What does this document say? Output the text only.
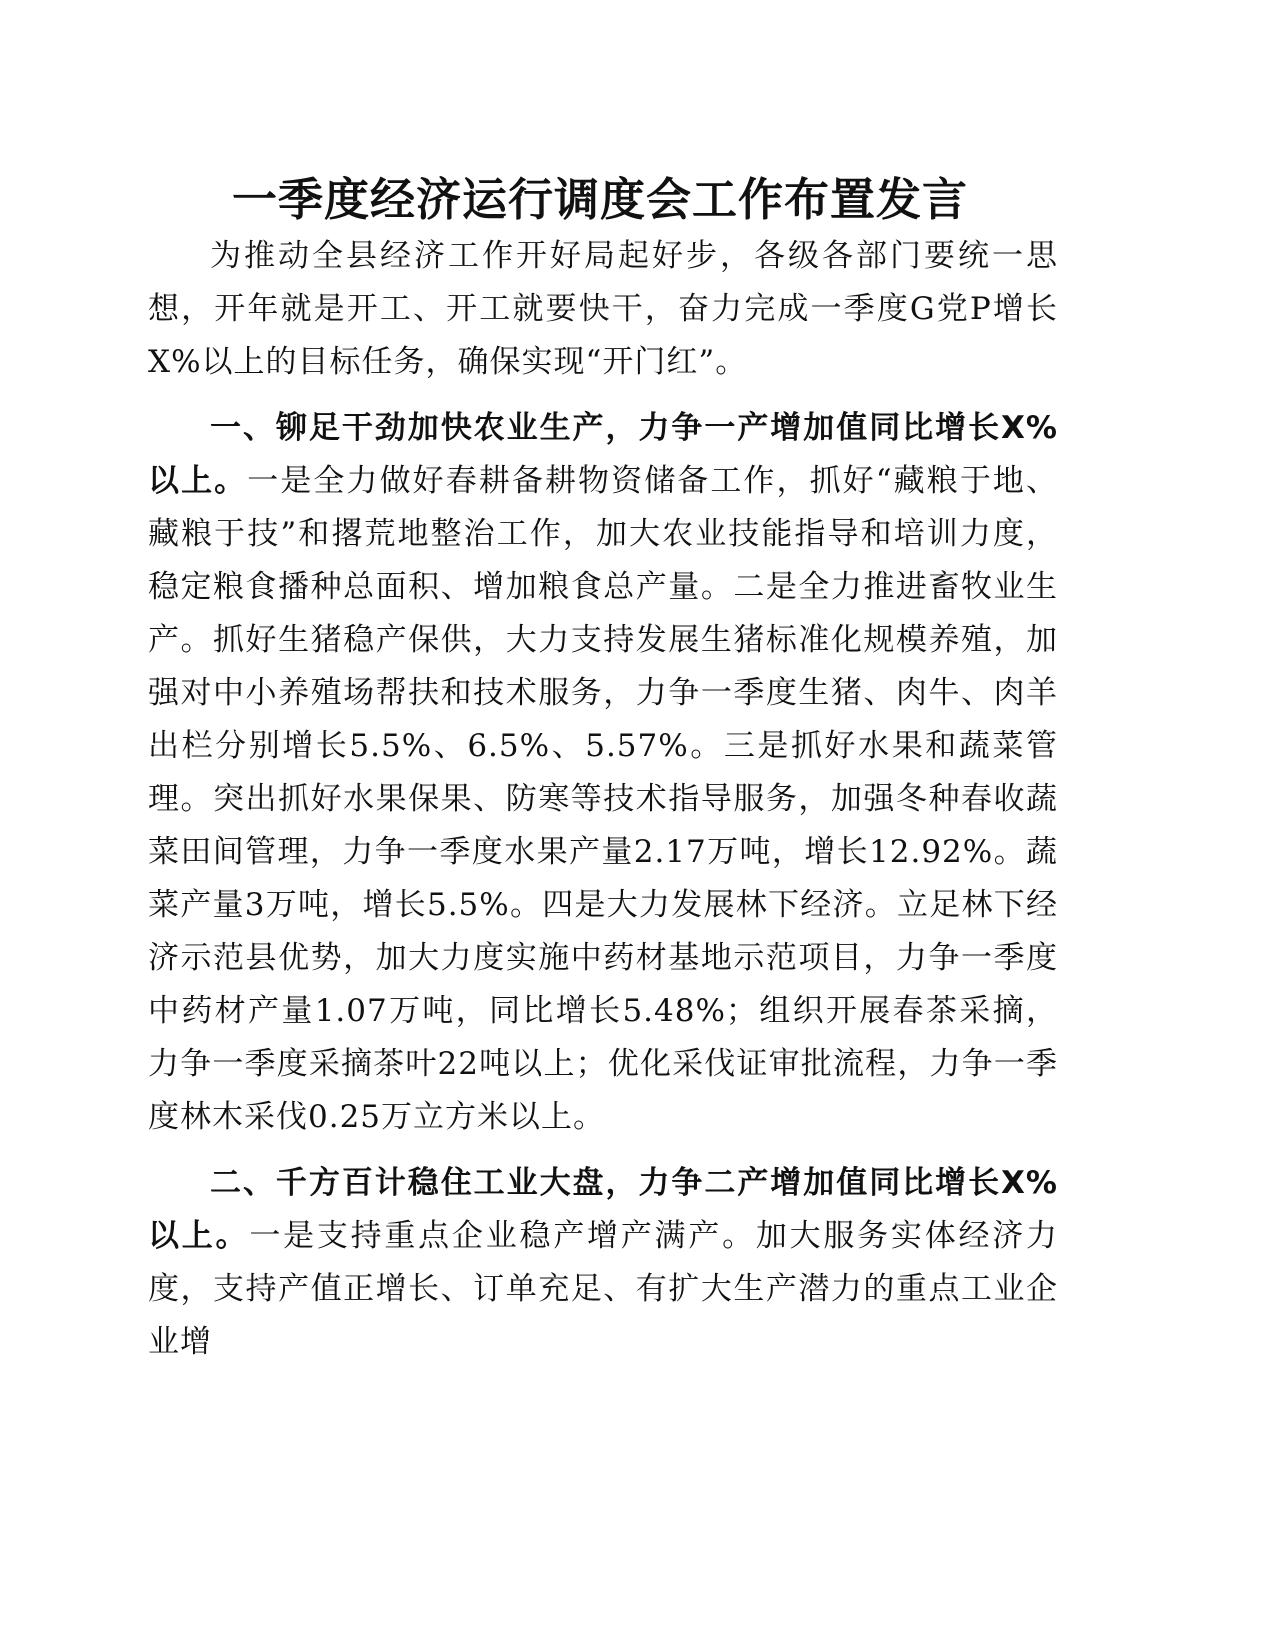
一季度经济运行调度会工作布置发言

为推动全县经济工作开好局起好步，各级各部门要统一思想，开年就是开工、开工就要快干，奋力完成一季度G党P增长X%以上的目标任务，确保实现“开门红”。

一、铆足干劲加快农业生产，力争一产增加值同比增长X%以上。一是全力做好春耕备耕物资储备工作，抓好“藏粮于地、藏粮于技”和撂荒地整治工作，加大农业技能指导和培训力度，稳定粮食播种总面积、增加粮食总产量。二是全力推进畜牧业生产。抓好生猪稳产保供，大力支持发展生猪标准化规模养殖，加强对中小养殖场帮扶和技术服务，力争一季度生猪、肉牛、肉羊出栏分别增长5.5%、6.5%、5.57%。三是抓好水果和蔬菜管理。突出抓好水果保果、防寒等技术指导服务，加强冬种春收蔬菜田间管理，力争一季度水果产量2.17万吨，增长12.92%。蔬菜产量3万吨，增长5.5%。四是大力发展林下经济。立足林下经济示范县优势，加大力度实施中药材基地示范项目，力争一季度中药材产量1.07万吨，同比增长5.48%；组织开展春茶采摘，力争一季度采摘茶叶22吨以上；优化采伐证审批流程，力争一季度林木采伐0.25万立方米以上。

二、千方百计稳住工业大盘，力争二产增加值同比增长X%以上。一是支持重点企业稳产增产满产。加大服务实体经济力度，支持产值正增长、订单充足、有扩大生产潜力的重点工业企业增
